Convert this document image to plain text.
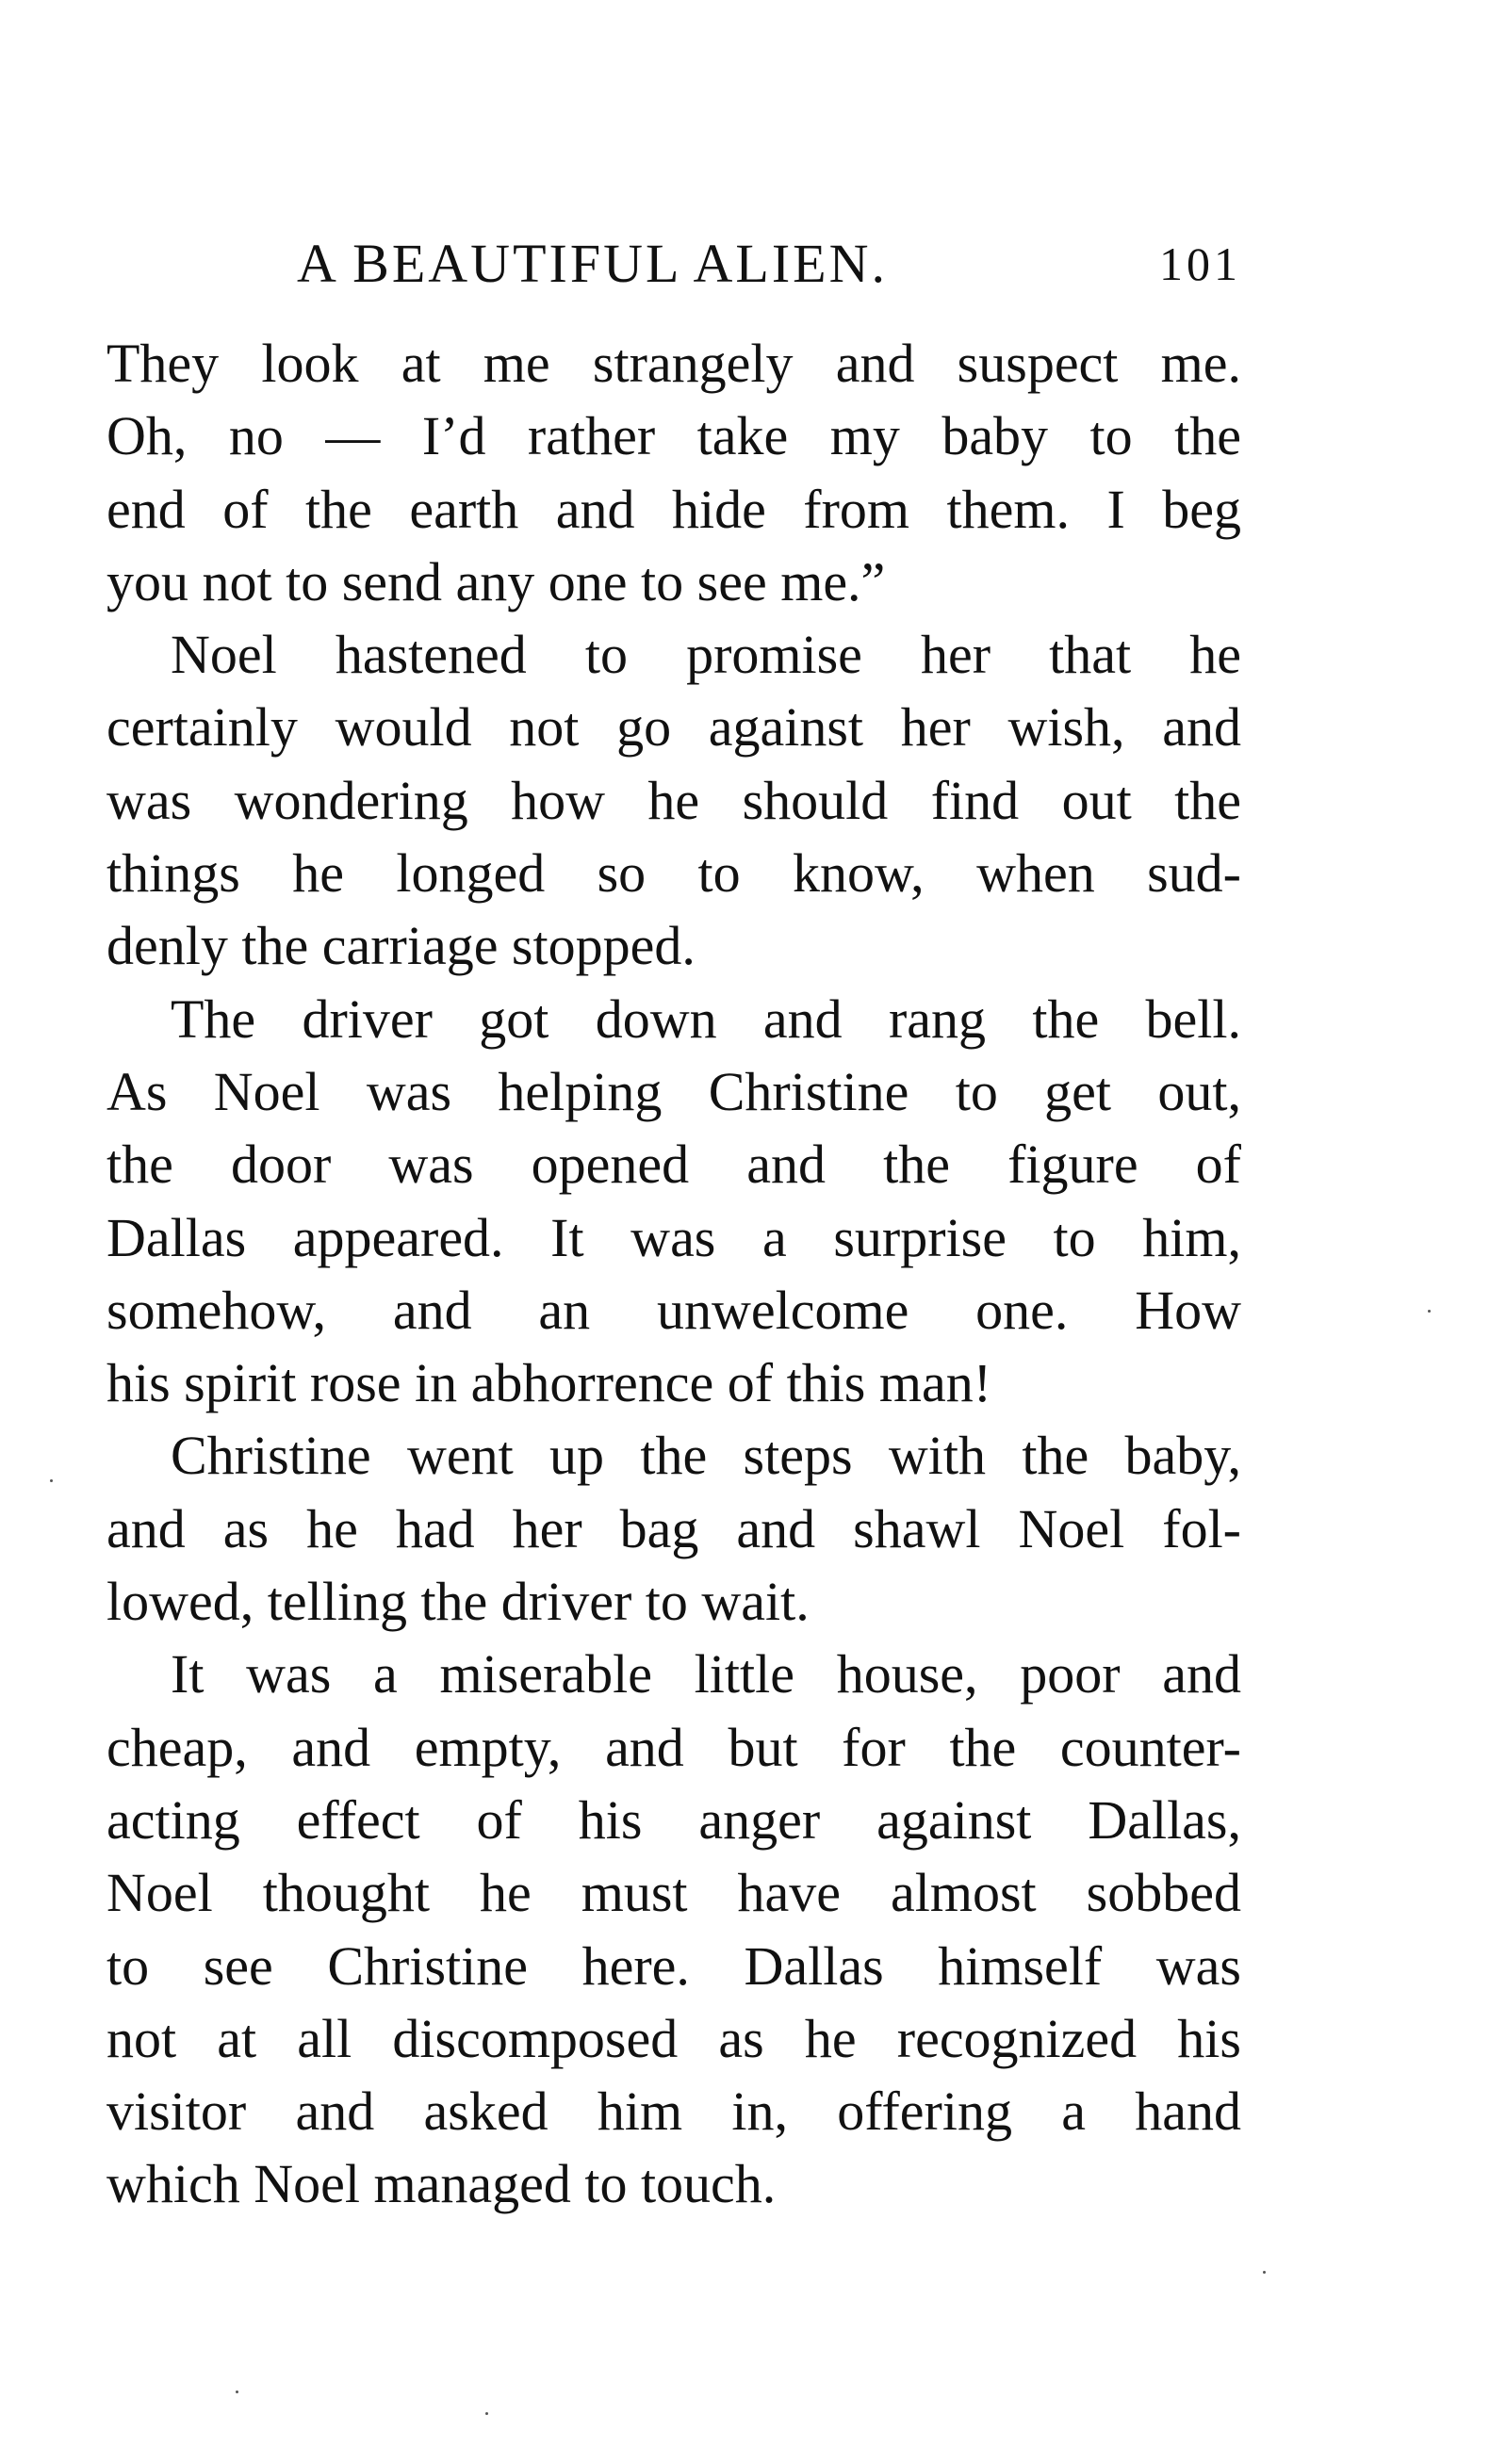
A BEAUTIFUL ALIEN.	101
They look at me strangely and suspect me.
Oh, no — I’d rather take my baby to the
end of the earth and hide from them. I beg
you not to send any one to see me.”
Noel hastened to promise her that he
certainly would not go against her wish, and
was wondering how he should find out the
things he longed so to know, when sud-
denly the carriage stopped.
The driver got down and rang the bell.
As Noel was helping Christine to get out,
the door was opened and the figure of
Dallas appeared. It was a surprise to him,
somehow, and an unwelcome one. How
his spirit rose in abhorrence of this man!
Christine went up the steps with the baby,
and as he had her bag and shawl Noel fol-
lowed, telling the driver to wait.
It was a miserable little house, poor and
cheap, and empty, and but for the counter-
acting effect of his anger against Dallas,
Noel thought he must have almost sobbed
to see Christine here. Dallas himself was
not at all discomposed as he recognized his
visitor and asked him in, offering a hand
which Noel managed to touch.
